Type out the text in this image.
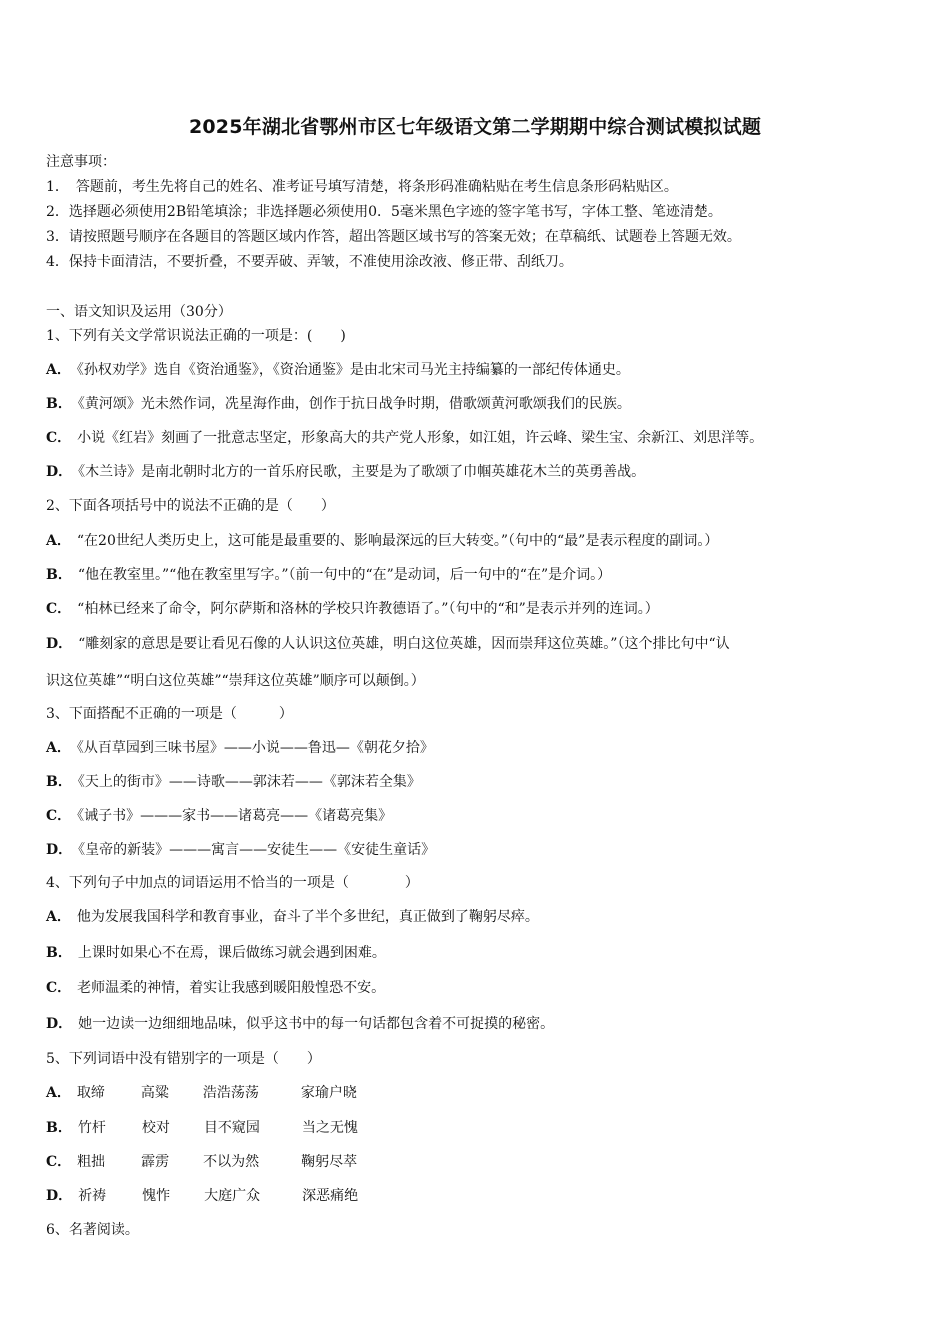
2025年湖北省鄂州市区七年级语文第二学期期中综合测试模拟试题
注意事项：
1．　答题前，考生先将自己的姓名、准考证号填写清楚，将条形码准确粘贴在考生信息条形码粘贴区。
2．选择题必须使用2B铅笔填涂；非选择题必须使用0．5毫米黑色字迹的签字笔书写，字体工整、笔迹清楚。
3．请按照题号顺序在各题目的答题区域内作答，超出答题区域书写的答案无效；在草稿纸、试题卷上答题无效。
4．保持卡面清洁，不要折叠，不要弄破、弄皱，不准使用涂改液、修正带、刮纸刀。
一、语文知识及运用（30分）
1、下列有关文学常识说法正确的一项是：(　　)
A． 《孙权劝学》选自《资治通鉴》，《资治通鉴》是由北宋司马光主持编纂的一部纪传体通史。
B． 《黄河颂》光未然作词，冼星海作曲，创作于抗日战争时期，借歌颂黄河歌颂我们的民族。
C． 小说《红岩》刻画了一批意志坚定，形象高大的共产党人形象，如江姐，许云峰、梁生宝、余新江、刘思洋等。
D． 《木兰诗》是南北朝时北方的一首乐府民歌，主要是为了歌颂了巾帼英雄花木兰的英勇善战。
2、下面各项括号中的说法不正确的是（　　）
A． “在20世纪人类历史上，这可能是最重要的、影响最深远的巨大转变。”（句中的“最”是表示程度的副词。）
B． “他在教室里。”“他在教室里写字。”（前一句中的“在”是动词，后一句中的“在”是介词。）
C． “柏林已经来了命令，阿尔萨斯和洛林的学校只许教德语了。”（句中的“和”是表示并列的连词。）
D． “雕刻家的意思是要让看见石像的人认识这位英雄，明白这位英雄，因而崇拜这位英雄。”（这个排比句中“认
识这位英雄”“明白这位英雄”“崇拜这位英雄”顺序可以颠倒。）
3、下面搭配不正确的一项是（　　　）
A． 《从百草园到三味书屋》——小说——鲁迅—《朝花夕拾》
B． 《天上的街市》——诗歌——郭沫若——《郭沫若全集》
C． 《诫子书》———家书——诸葛亮——《诸葛亮集》
D． 《皇帝的新装》———寓言——安徒生——《安徒生童话》
4、下列句子中加点的词语运用不恰当的一项是（　　　　）
A． 他为发展我国科学和教育事业，奋斗了半个多世纪，真正做到了鞠躬尽瘁。
B． 上课时如果心不在焉，课后做练习就会遇到困难。
C． 老师温柔的神情，着实让我感到暖阳般惶恐不安。
D． 她一边读一边细细地品味，似乎这书中的每一句话都包含着不可捉摸的秘密。
5、下列词语中没有错别字的一项是（　　）
A． 取缔	高粱 浩浩荡荡	家瑜户晓
B． 竹杆	校对 目不窥园	当之无愧
C． 粗拙	霹雳 不以为然	鞠躬尽萃
D． 祈祷	愧怍 大庭广众	深恶痛绝
6、名著阅读。
